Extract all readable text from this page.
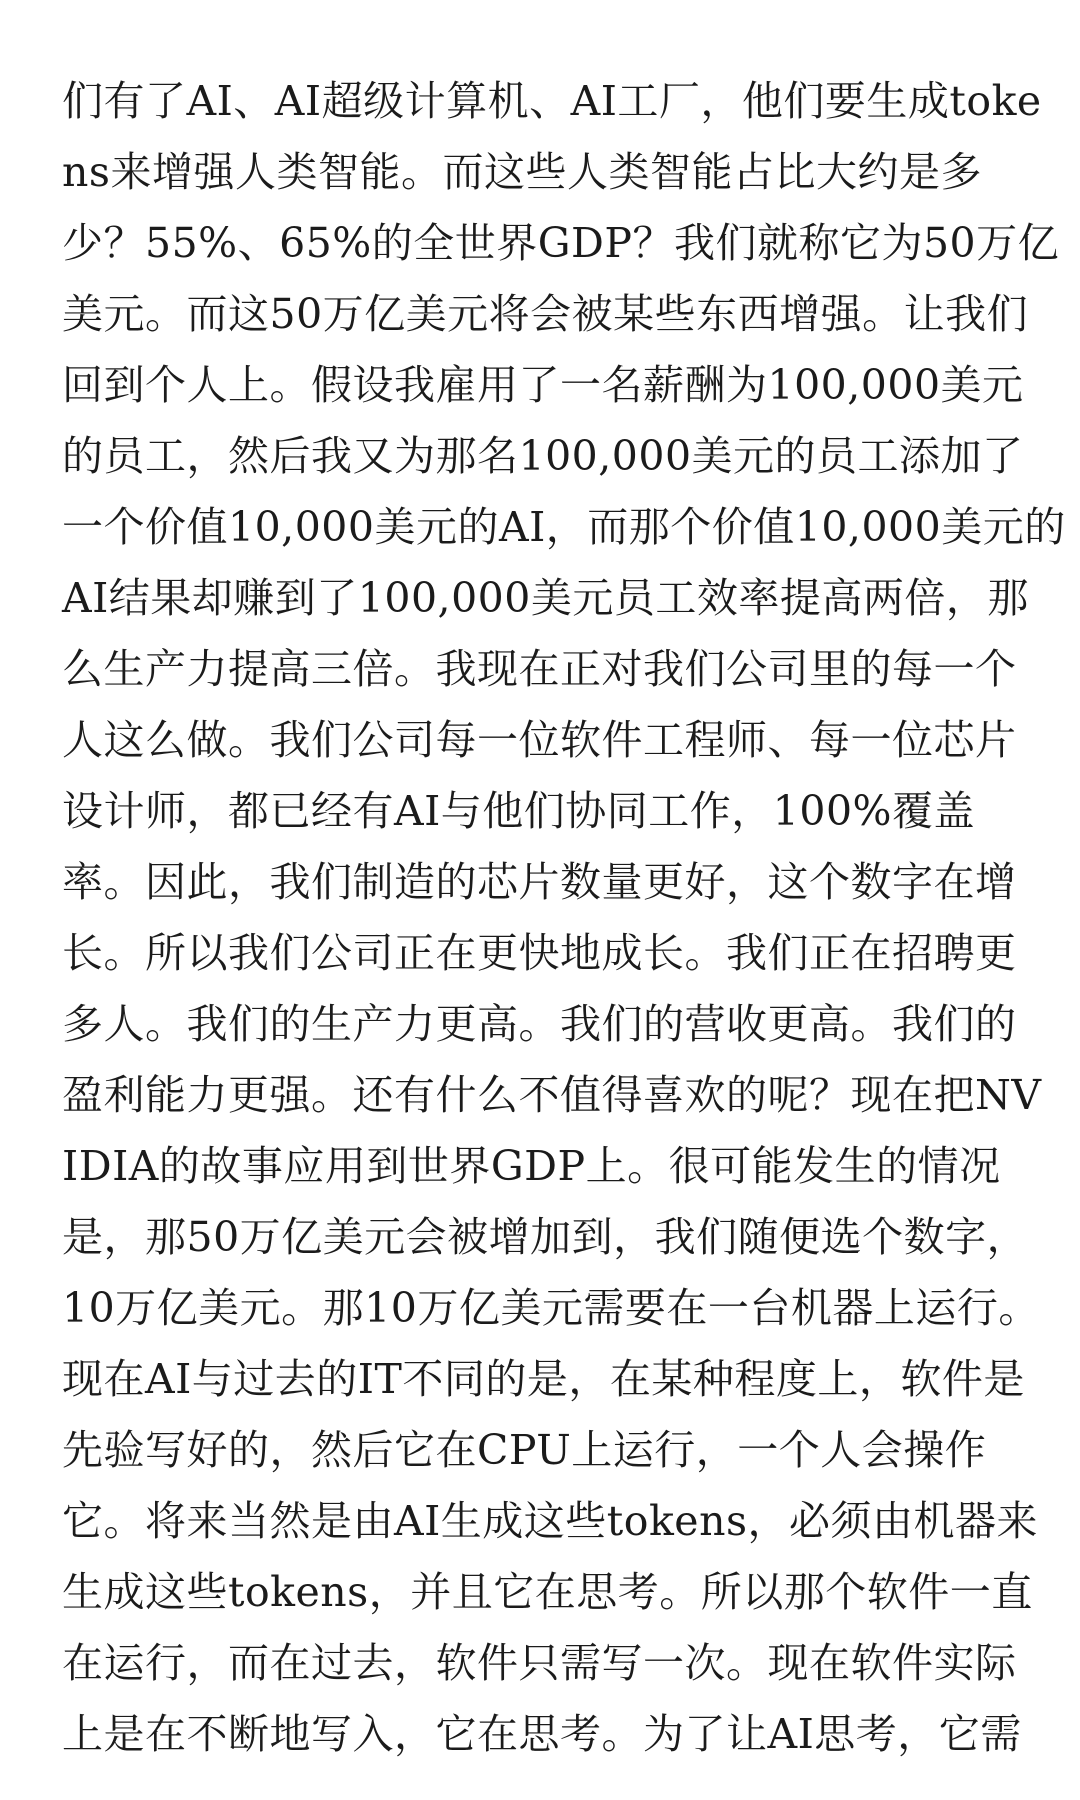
们有了AI、AI超级计算机、AI工厂，他们要生成toke
ns来增强人类智能。而这些人类智能占比大约是多
少？55%、65%的全世界GDP？我们就称它为50万亿
美元。而这50万亿美元将会被某些东西增强。让我们
回到个人上。假设我雇用了一名薪酬为100,000美元
的员工，然后我又为那名100,000美元的员工添加了
一个价值10,000美元的AI，而那个价值10,000美元的
AI结果却赚到了100,000美元员工效率提高两倍，那
么生产力提高三倍。我现在正对我们公司里的每一个
人这么做。我们公司每一位软件工程师、每一位芯片
设计师，都已经有AI与他们协同工作，100%覆盖
率。因此，我们制造的芯片数量更好，这个数字在增
长。所以我们公司正在更快地成长。我们正在招聘更
多人。我们的生产力更高。我们的营收更高。我们的
盈利能力更强。还有什么不值得喜欢的呢？现在把NV
IDIA的故事应用到世界GDP上。很可能发生的情况
是，那50万亿美元会被增加到，我们随便选个数字，
10万亿美元。那10万亿美元需要在一台机器上运行。
现在AI与过去的IT不同的是，在某种程度上，软件是
先验写好的，然后它在CPU上运行，一个人会操作
它。将来当然是由AI生成这些tokens，必须由机器来
生成这些tokens，并且它在思考。所以那个软件一直
在运行，而在过去，软件只需写一次。现在软件实际
上是在不断地写入，它在思考。为了让AI思考，它需
